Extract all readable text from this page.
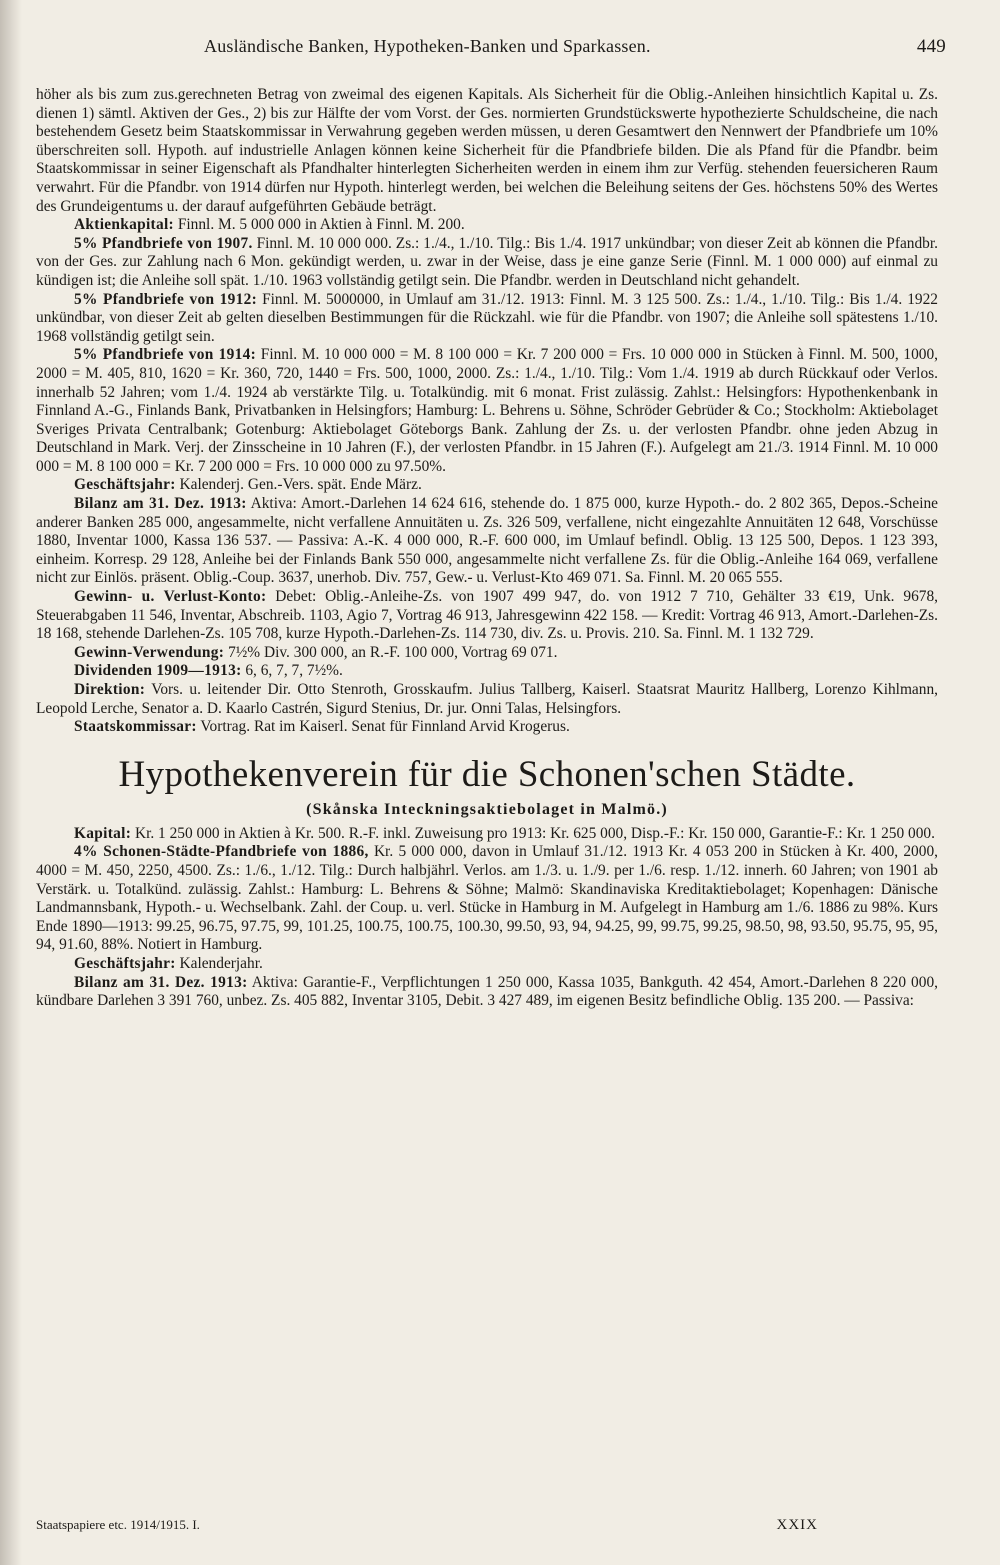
Ausländische Banken, Hypotheken-Banken und Sparkassen.	449

höher als bis zum zus.gerechneten Betrag von zweimal des eigenen Kapitals. Als Sicherheit für die Oblig.-Anleihen hinsichtlich Kapital u. Zs. dienen 1) sämtl. Aktiven der Ges., 2) bis zur Hälfte der vom Vorst. der Ges. normierten Grundstückswerte hypothezierte Schuldscheine, die nach bestehendem Gesetz beim Staatskommissar in Verwahrung gegeben werden müssen, u deren Gesamtwert den Nennwert der Pfandbriefe um 10% überschreiten soll. Hypoth. auf industrielle Anlagen können keine Sicherheit für die Pfandbriefe bilden. Die als Pfand für die Pfandbr. beim Staatskommissar in seiner Eigenschaft als Pfandhalter hinterlegten Sicherheiten werden in einem ihm zur Verfüg. stehenden feuersicheren Raum verwahrt. Für die Pfandbr. von 1914 dürfen nur Hypoth. hinterlegt werden, bei welchen die Beleihung seitens der Ges. höchstens 50% des Wertes des Grundeigentums u. der darauf aufgeführten Gebäude beträgt.

Aktienkapital: Finnl. M. 5 000 000 in Aktien à Finnl. M. 200.

5% Pfandbriefe von 1907. Finnl. M. 10 000 000. Zs.: 1./4., 1./10. Tilg.: Bis 1./4. 1917 unkündbar; von dieser Zeit ab können die Pfandbr. von der Ges. zur Zahlung nach 6 Mon. gekündigt werden, u. zwar in der Weise, dass je eine ganze Serie (Finnl. M. 1 000 000) auf einmal zu kündigen ist; die Anleihe soll spät. 1./10. 1963 vollständig getilgt sein. Die Pfandbr. werden in Deutschland nicht gehandelt.

5% Pfandbriefe von 1912: Finnl. M. 5000000, in Umlauf am 31./12. 1913: Finnl. M. 3 125 500. Zs.: 1./4., 1./10. Tilg.: Bis 1./4. 1922 unkündbar, von dieser Zeit ab gelten dieselben Bestimmungen für die Rückzahl. wie für die Pfandbr. von 1907; die Anleihe soll spätestens 1./10. 1968 vollständig getilgt sein.

5% Pfandbriefe von 1914: Finnl. M. 10 000 000 = M. 8 100 000 = Kr. 7 200 000 = Frs. 10 000 000 in Stücken à Finnl. M. 500, 1000, 2000 = M. 405, 810, 1620 = Kr. 360, 720, 1440 = Frs. 500, 1000, 2000. Zs.: 1./4., 1./10. Tilg.: Vom 1./4. 1919 ab durch Rückkauf oder Verlos. innerhalb 52 Jahren; vom 1./4. 1924 ab verstärkte Tilg. u. Totalkündig. mit 6 monat. Frist zulässig. Zahlst.: Helsingfors: Hypothenkenbank in Finnland A.-G., Finlands Bank, Privatbanken in Helsingfors; Hamburg: L. Behrens u. Söhne, Schröder Gebrüder & Co.; Stockholm: Aktiebolaget Sveriges Privata Centralbank; Gotenburg: Aktiebolaget Göteborgs Bank. Zahlung der Zs. u. der verlosten Pfandbr. ohne jeden Abzug in Deutschland in Mark. Verj. der Zinsscheine in 10 Jahren (F.), der verlosten Pfandbr. in 15 Jahren (F.). Aufgelegt am 21./3. 1914 Finnl. M. 10 000 000 = M. 8 100 000 = Kr. 7 200 000 = Frs. 10 000 000 zu 97.50%.

Geschäftsjahr: Kalenderj. Gen.-Vers. spät. Ende März.

Bilanz am 31. Dez. 1913: Aktiva: Amort.-Darlehen 14 624 616, stehende do. 1 875 000, kurze Hypoth.- do. 2 802 365, Depos.-Scheine anderer Banken 285 000, angesammelte, nicht verfallene Annuitäten u. Zs. 326 509, verfallene, nicht eingezahlte Annuitäten 12 648, Vorschüsse 1880, Inventar 1000, Kassa 136 537. — Passiva: A.-K. 4 000 000, R.-F. 600 000, im Umlauf befindl. Oblig. 13 125 500, Depos. 1 123 393, einheim. Korresp. 29 128, Anleihe bei der Finlands Bank 550 000, angesammelte nicht verfallene Zs. für die Oblig.-Anleihe 164 069, verfallene nicht zur Einlös. präsent. Oblig.-Coup. 3637, unerhob. Div. 757, Gew.- u. Verlust-Kto 469 071. Sa. Finnl. M. 20 065 555.

Gewinn- u. Verlust-Konto: Debet: Oblig.-Anleihe-Zs. von 1907 499 947, do. von 1912 7 710, Gehälter 33 €19, Unk. 9678, Steuerabgaben 11 546, Inventar, Abschreib. 1103, Agio 7, Vortrag 46 913, Jahresgewinn 422 158. — Kredit: Vortrag 46 913, Amort.-Darlehen-Zs. 18 168, stehende Darlehen-Zs. 105 708, kurze Hypoth.-Darlehen-Zs. 114 730, div. Zs. u. Provis. 210. Sa. Finnl. M. 1 132 729.

Gewinn-Verwendung: 7½% Div. 300 000, an R.-F. 100 000, Vortrag 69 071.

Dividenden 1909—1913: 6, 6, 7, 7, 7½%.

Direktion: Vors. u. leitender Dir. Otto Stenroth, Grosskaufm. Julius Tallberg, Kaiserl. Staatsrat Mauritz Hallberg, Lorenzo Kihlmann, Leopold Lerche, Senator a. D. Kaarlo Castrén, Sigurd Stenius, Dr. jur. Onni Talas, Helsingfors.

Staatskommissar: Vortrag. Rat im Kaiserl. Senat für Finnland Arvid Krogerus.

Hypothekenverein für die Schonen'schen Städte.
(Skånska Inteckningsаktiebolaget in Malmö.)

Kapital: Kr. 1 250 000 in Aktien à Kr. 500. R.-F. inkl. Zuweisung pro 1913: Kr. 625 000, Disp.-F.: Kr. 150 000, Garantie-F.: Kr. 1 250 000.

4% Schonen-Städte-Pfandbriefe von 1886, Kr. 5 000 000, davon in Umlauf 31./12. 1913 Kr. 4 053 200 in Stücken à Kr. 400, 2000, 4000 = M. 450, 2250, 4500. Zs.: 1./6., 1./12. Tilg.: Durch halbjährl. Verlos. am 1./3. u. 1./9. per 1./6. resp. 1./12. innerh. 60 Jahren; von 1901 ab Verstärk. u. Totalkünd. zulässig. Zahlst.: Hamburg: L. Behrens & Söhne; Malmö: Skandinaviska Kreditaktiebolaget; Kopenhagen: Dänische Landmannsbank, Hypoth.- u. Wechselbank. Zahl. der Coup. u. verl. Stücke in Hamburg in M. Aufgelegt in Hamburg am 1./6. 1886 zu 98%. Kurs Ende 1890—1913: 99.25, 96.75, 97.75, 99, 101.25, 100.75, 100.75, 100.30, 99.50, 93, 94, 94.25, 99, 99.75, 99.25, 98.50, 98, 93.50, 95.75, 95, 95, 94, 91.60, 88%. Notiert in Hamburg.

Geschäftsjahr: Kalenderjahr.

Bilanz am 31. Dez. 1913: Aktiva: Garantie-F., Verpflichtungen 1 250 000, Kassa 1035, Bankguth. 42 454, Amort.-Darlehen 8 220 000, kündbare Darlehen 3 391 760, unbez. Zs. 405 882, Inventar 3105, Debit. 3 427 489, im eigenen Besitz befindliche Oblig. 135 200. — Passiva:

Staatspapiere etc. 1914/1915. I.	XXIX
